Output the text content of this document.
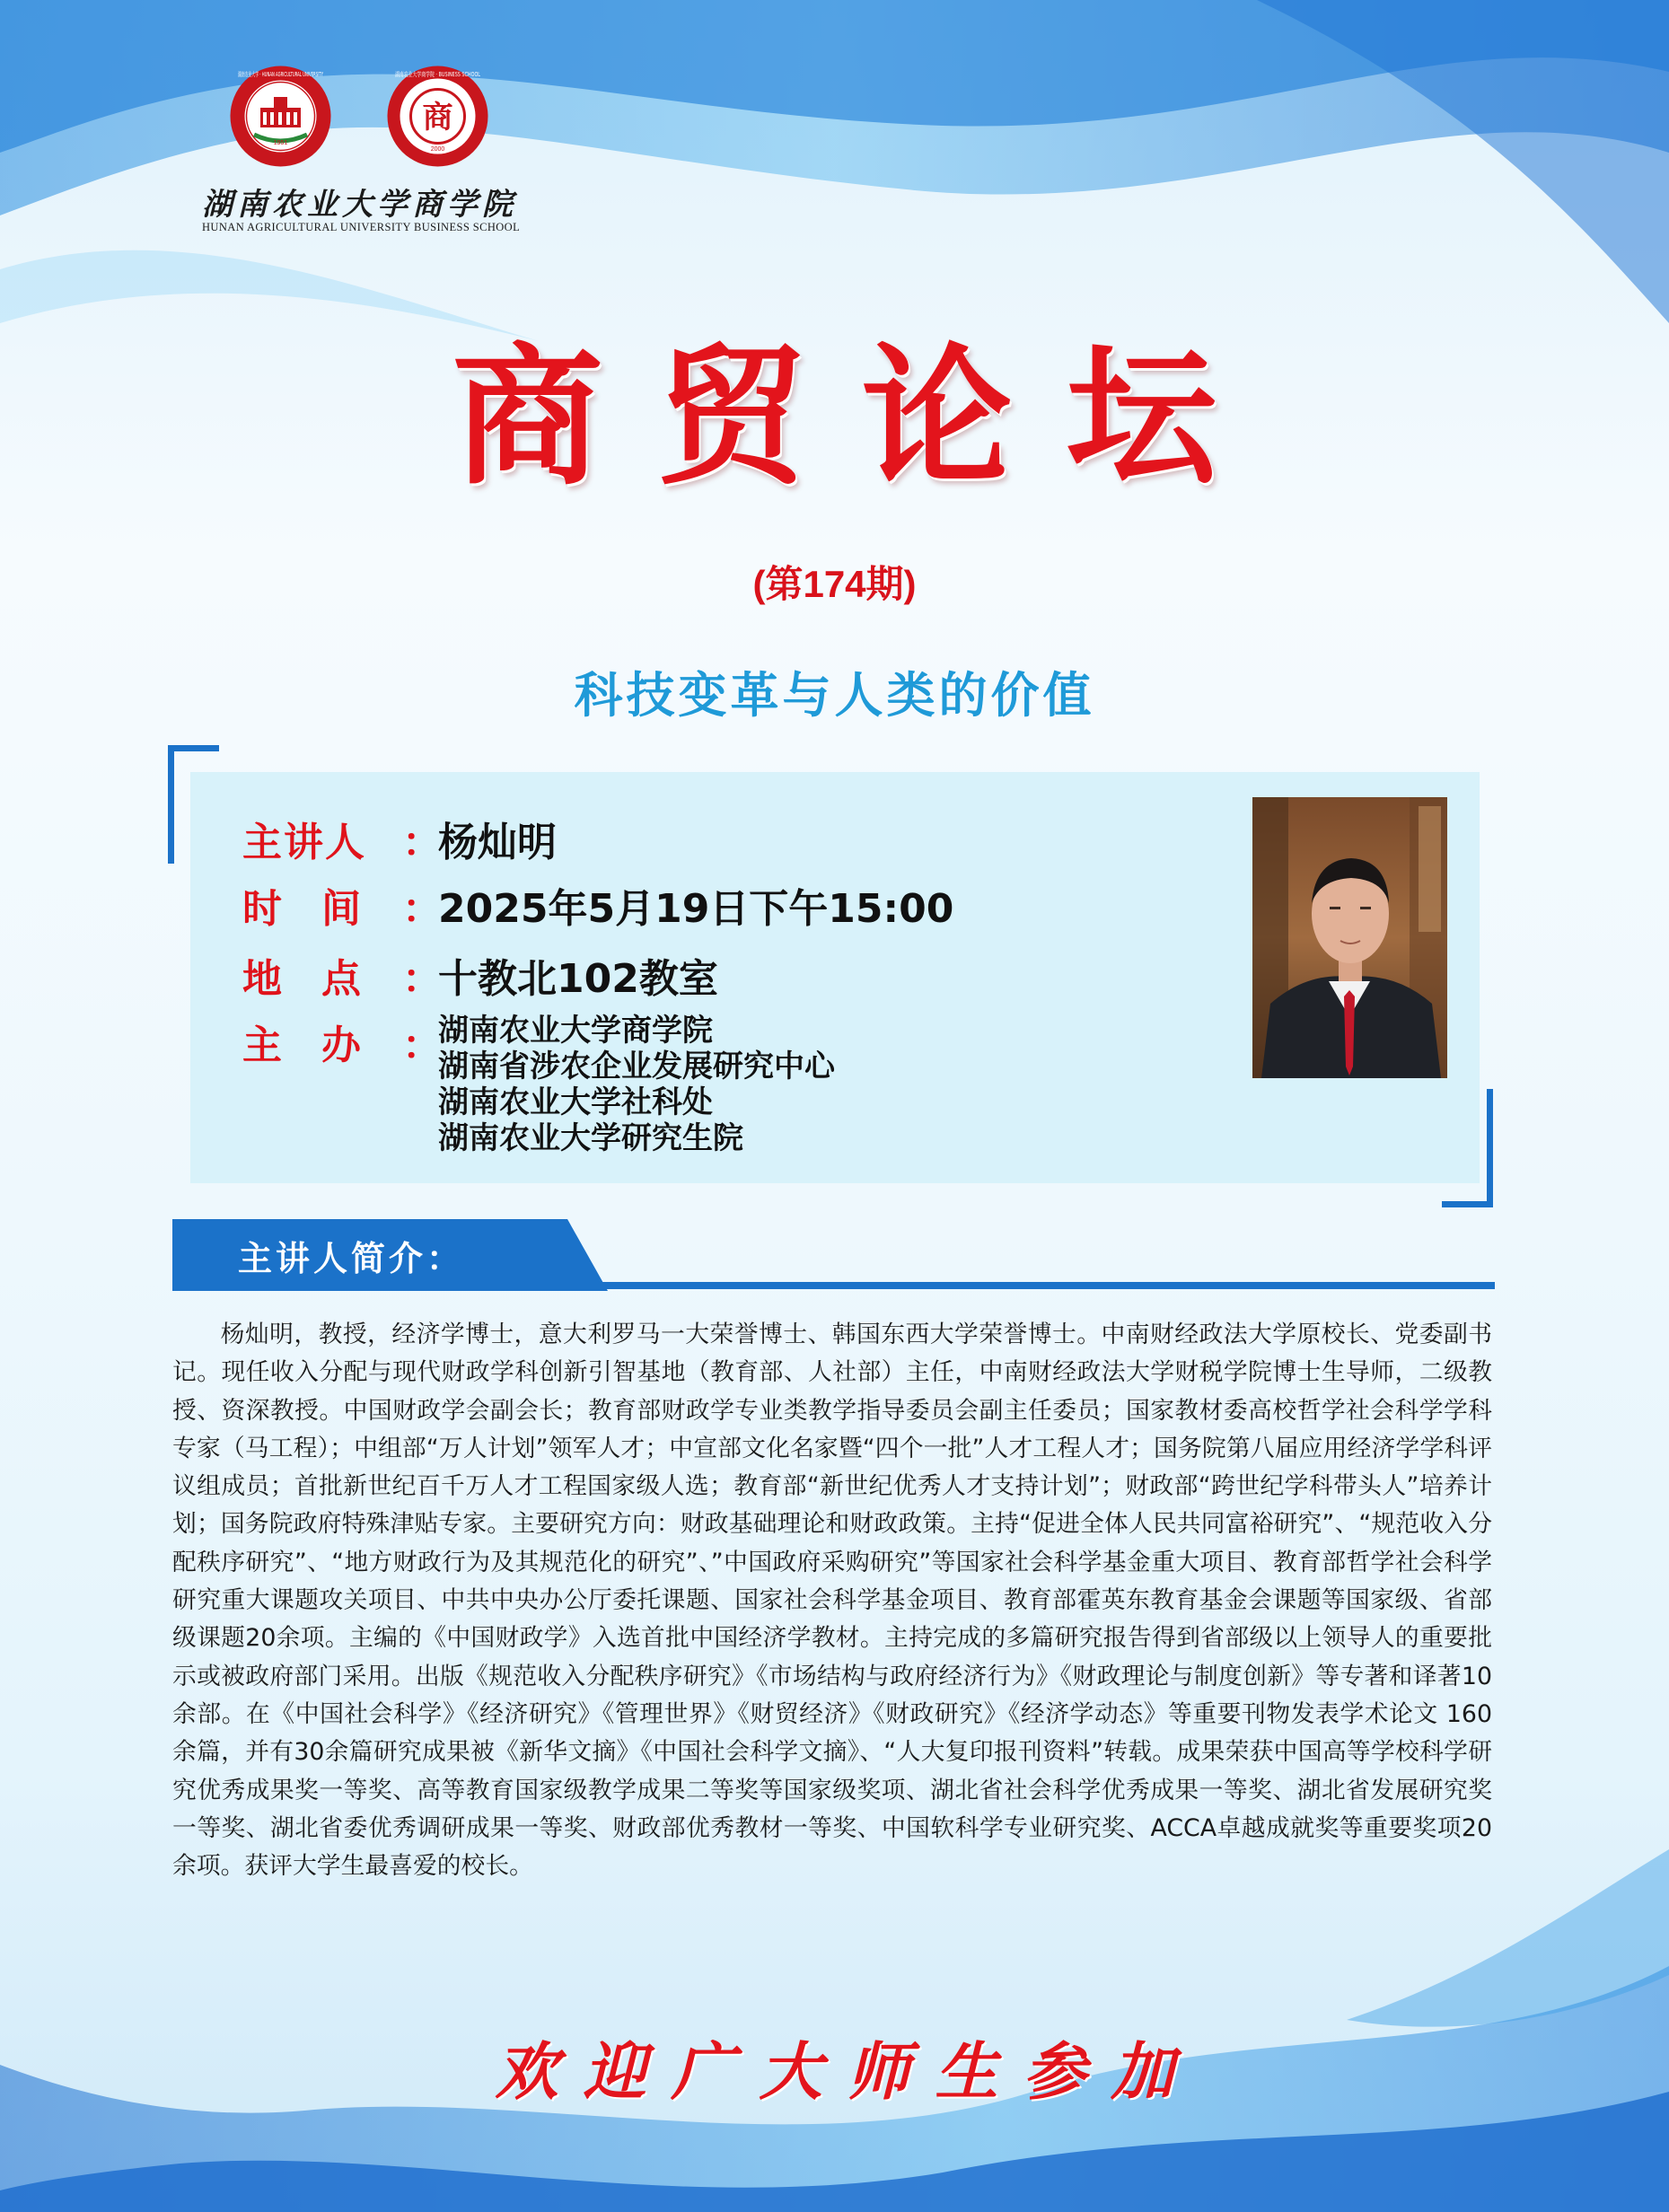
1951
湖南农业大学 · HUNAN AGRICULTURAL UNIVERSITY
商
2000
湖南农业大学商学院 · BUSINESS SCHOOL
湖南农业大学商学院
HUNAN AGRICULTURAL UNIVERSITY BUSINESS SCHOOL
商贸论坛
(第174期)
科技变革与人类的价值
主讲人 ：
杨灿明
时　间	：
2025年5月19日下午15:00
地　点	：
十教北102教室
主　办	：
湖南农业大学商学院
湖南省涉农企业发展研究中心
湖南农业大学社科处
湖南农业大学研究生院
主讲人简介：
杨灿明，教授，经济学博士，意大利罗马一大荣誉博士、韩国东西大学荣誉博士。中南财经政法大学原校长、党委副书记。现任收入分配与现代财政学科创新引智基地（教育部、人社部）主任，中南财经政法大学财税学院博士生导师，二级教授、资深教授。中国财政学会副会长；教育部财政学专业类教学指导委员会副主任委员；国家教材委高校哲学社会科学学科专家（马工程）；中组部“万人计划”领军人才；中宣部文化名家暨“四个一批”人才工程人才；国务院第八届应用经济学学科评议组成员；首批新世纪百千万人才工程国家级人选；教育部“新世纪优秀人才支持计划”；财政部“跨世纪学科带头人”培养计划；国务院政府特殊津贴专家。主要研究方向：财政基础理论和财政政策。主持“促进全体人民共同富裕研究”、“规范收入分配秩序研究”、“地方财政行为及其规范化的研究”、”中国政府采购研究”等国家社会科学基金重大项目、教育部哲学社会科学研究重大课题攻关项目、中共中央办公厅委托课题、国家社会科学基金项目、教育部霍英东教育基金会课题等国家级、省部级课题20余项。主编的《中国财政学》入选首批中国经济学教材。主持完成的多篇研究报告得到省部级以上领导人的重要批示或被政府部门采用。出版《规范收入分配秩序研究》《市场结构与政府经济行为》《财政理论与制度创新》等专著和译著10余部。在《中国社会科学》《经济研究》《管理世界》《财贸经济》《财政研究》《经济学动态》等重要刊物发表学术论文 160 余篇，并有30余篇研究成果被《新华文摘》《中国社会科学文摘》、“人大复印报刊资料”转载。成果荣获中国高等学校科学研究优秀成果奖一等奖、高等教育国家级教学成果二等奖等国家级奖项、湖北省社会科学优秀成果一等奖、湖北省发展研究奖一等奖、湖北省委优秀调研成果一等奖、财政部优秀教材一等奖、中国软科学专业研究奖、ACCA卓越成就奖等重要奖项20余项。获评大学生最喜爱的校长。
欢迎广大师生参加
